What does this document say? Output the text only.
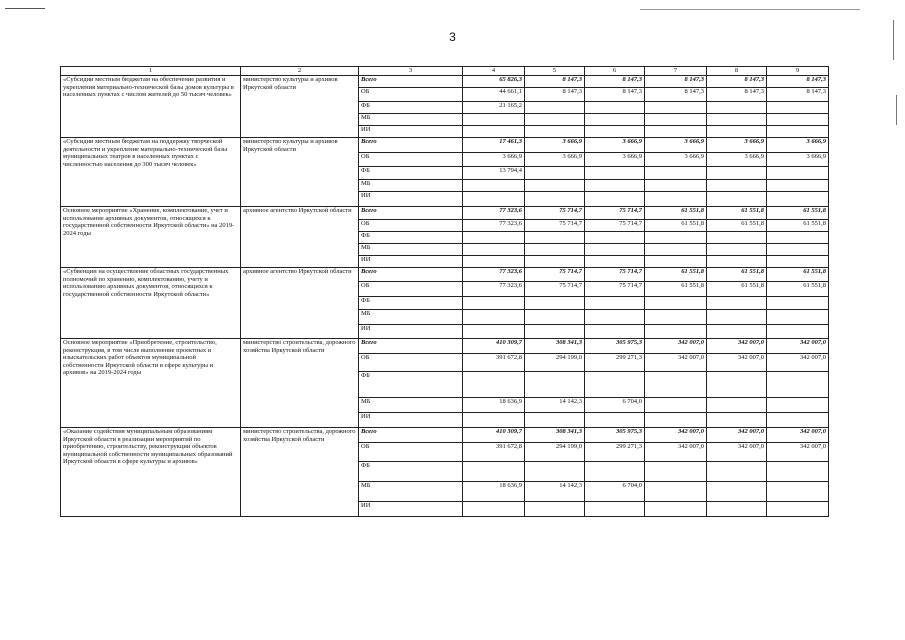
3
1	2	3	4	5	6	7	8	9
«Субсидии местным бюджетам на обеспечение развития и укрепления материально-технической базы домов культуры в населенных пунктах с числом жителей до 50 тысяч человек»	министерство культуры и архивов Иркутской области	Всего	65 826,3	8 147,3	8 147,3	8 147,3	8 147,3	8 147,3
		ОБ	44 661,1	8 147,3	8 147,3	8 147,3	8 147,3	8 147,3
		ФБ	21 165,2					
		МБ						
		ИИ						
«Субсидии местным бюджетам на поддержку творческой деятельности и укрепление материально-технической базы муниципальных театров в населенных пунктах с численностью населения до 300 тысяч человек»	министерство культуры и архивов Иркутской области	Всего	17 461,3	3 666,9	3 666,9	3 666,9	3 666,9	3 666,9
		ОБ	3 666,9	3 666,9	3 666,9	3 666,9	3 666,9	3 666,9
		ФБ	13 794,4					
		МБ						
		ИИ						
Основное мероприятие «Хранение, комплектование, учет и использование архивных документов, относящихся к государственной собственности Иркутской области» на 2019-2024 годы	архивное агентство Иркутской области	Всего	77 323,6	75 714,7	75 714,7	61 551,8	61 551,8	61 551,8
		ОБ	77 323,6	75 714,7	75 714,7	61 551,8	61 551,8	61 551,8
		ФБ						
		МБ						
		ИИ						
«Субвенции на осуществление областных государственных полномочий по хранению, комплектованию, учету и использованию архивных документов, относящихся к государственной собственности Иркутской области»	архивное агентство Иркутской области	Всего	77 323,6	75 714,7	75 714,7	61 551,8	61 551,8	61 551,8
		ОБ	77 323,6	75 714,7	75 714,7	61 551,8	61 551,8	61 551,8
		ФБ						
		МБ						
		ИИ						
Основное мероприятие «Приобретение, строительство, реконструкция, в том числе выполнение проектных и изыскательских работ объектов муниципальной собственности Иркутской области в сфере культуры и архивов» на 2019-2024 годы	министерство строительства, дорожного хозяйства Иркутской области	Всего	410 309,7	308 341,3	305 975,3	342 007,0	342 007,0	342 007,0
		ОБ	391 672,8	294 199,0	299 271,3	342 007,0	342 007,0	342 007,0
		ФБ						
		МБ	18 636,9	14 142,3	6 704,0			
		ИИ						
«Оказание содействия муниципальным образованиям Иркутской области в реализации мероприятий по приобретению, строительству, реконструкции объектов муниципальной собственности муниципальных образований Иркутской области в сфере культуры и архивов»	министерство строительства, дорожного хозяйства Иркутской области	Всего	410 309,7	308 341,3	305 975,3	342 007,0	342 007,0	342 007,0
		ОБ	391 672,8	294 199,0	299 271,3	342 007,0	342 007,0	342 007,0
		ФБ						
		МБ	18 636,9	14 142,3	6 704,0			
		ИИ						
